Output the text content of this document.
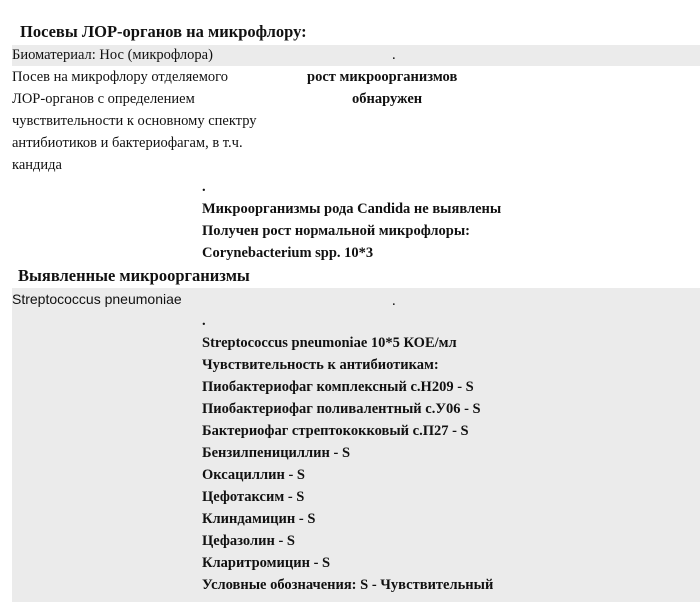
Посевы ЛОР-органов на микрофлору:
Биоматериал: Нос (микрофлора)	.
Посев на микрофлору отделяемого
ЛОР-органов с определением
чувствительности к основному спектру
антибиотиков и бактериофагам, в т.ч.
кандида
рост микроорганизмов
обнаружен
.
Микроорганизмы рода Candida не выявлены
Получен рост нормальной микрофлоры:
Corynebacterium spp. 10*3
Выявленные микроорганизмы
Streptococcus pneumoniae	.
.
Streptococcus pneumoniae 10*5 КОЕ/мл
Чувствительность к антибиотикам:
Пиобактериофаг комплексный с.Н209 - S
Пиобактериофаг поливалентный с.У06 - S
Бактериофаг стрептококковый с.П27 - S
Бензилпенициллин - S
Оксациллин - S
Цефотаксим - S
Клиндамицин - S
Цефазолин - S
Кларитромицин - S
Условные обозначения: S - Чувствительный
